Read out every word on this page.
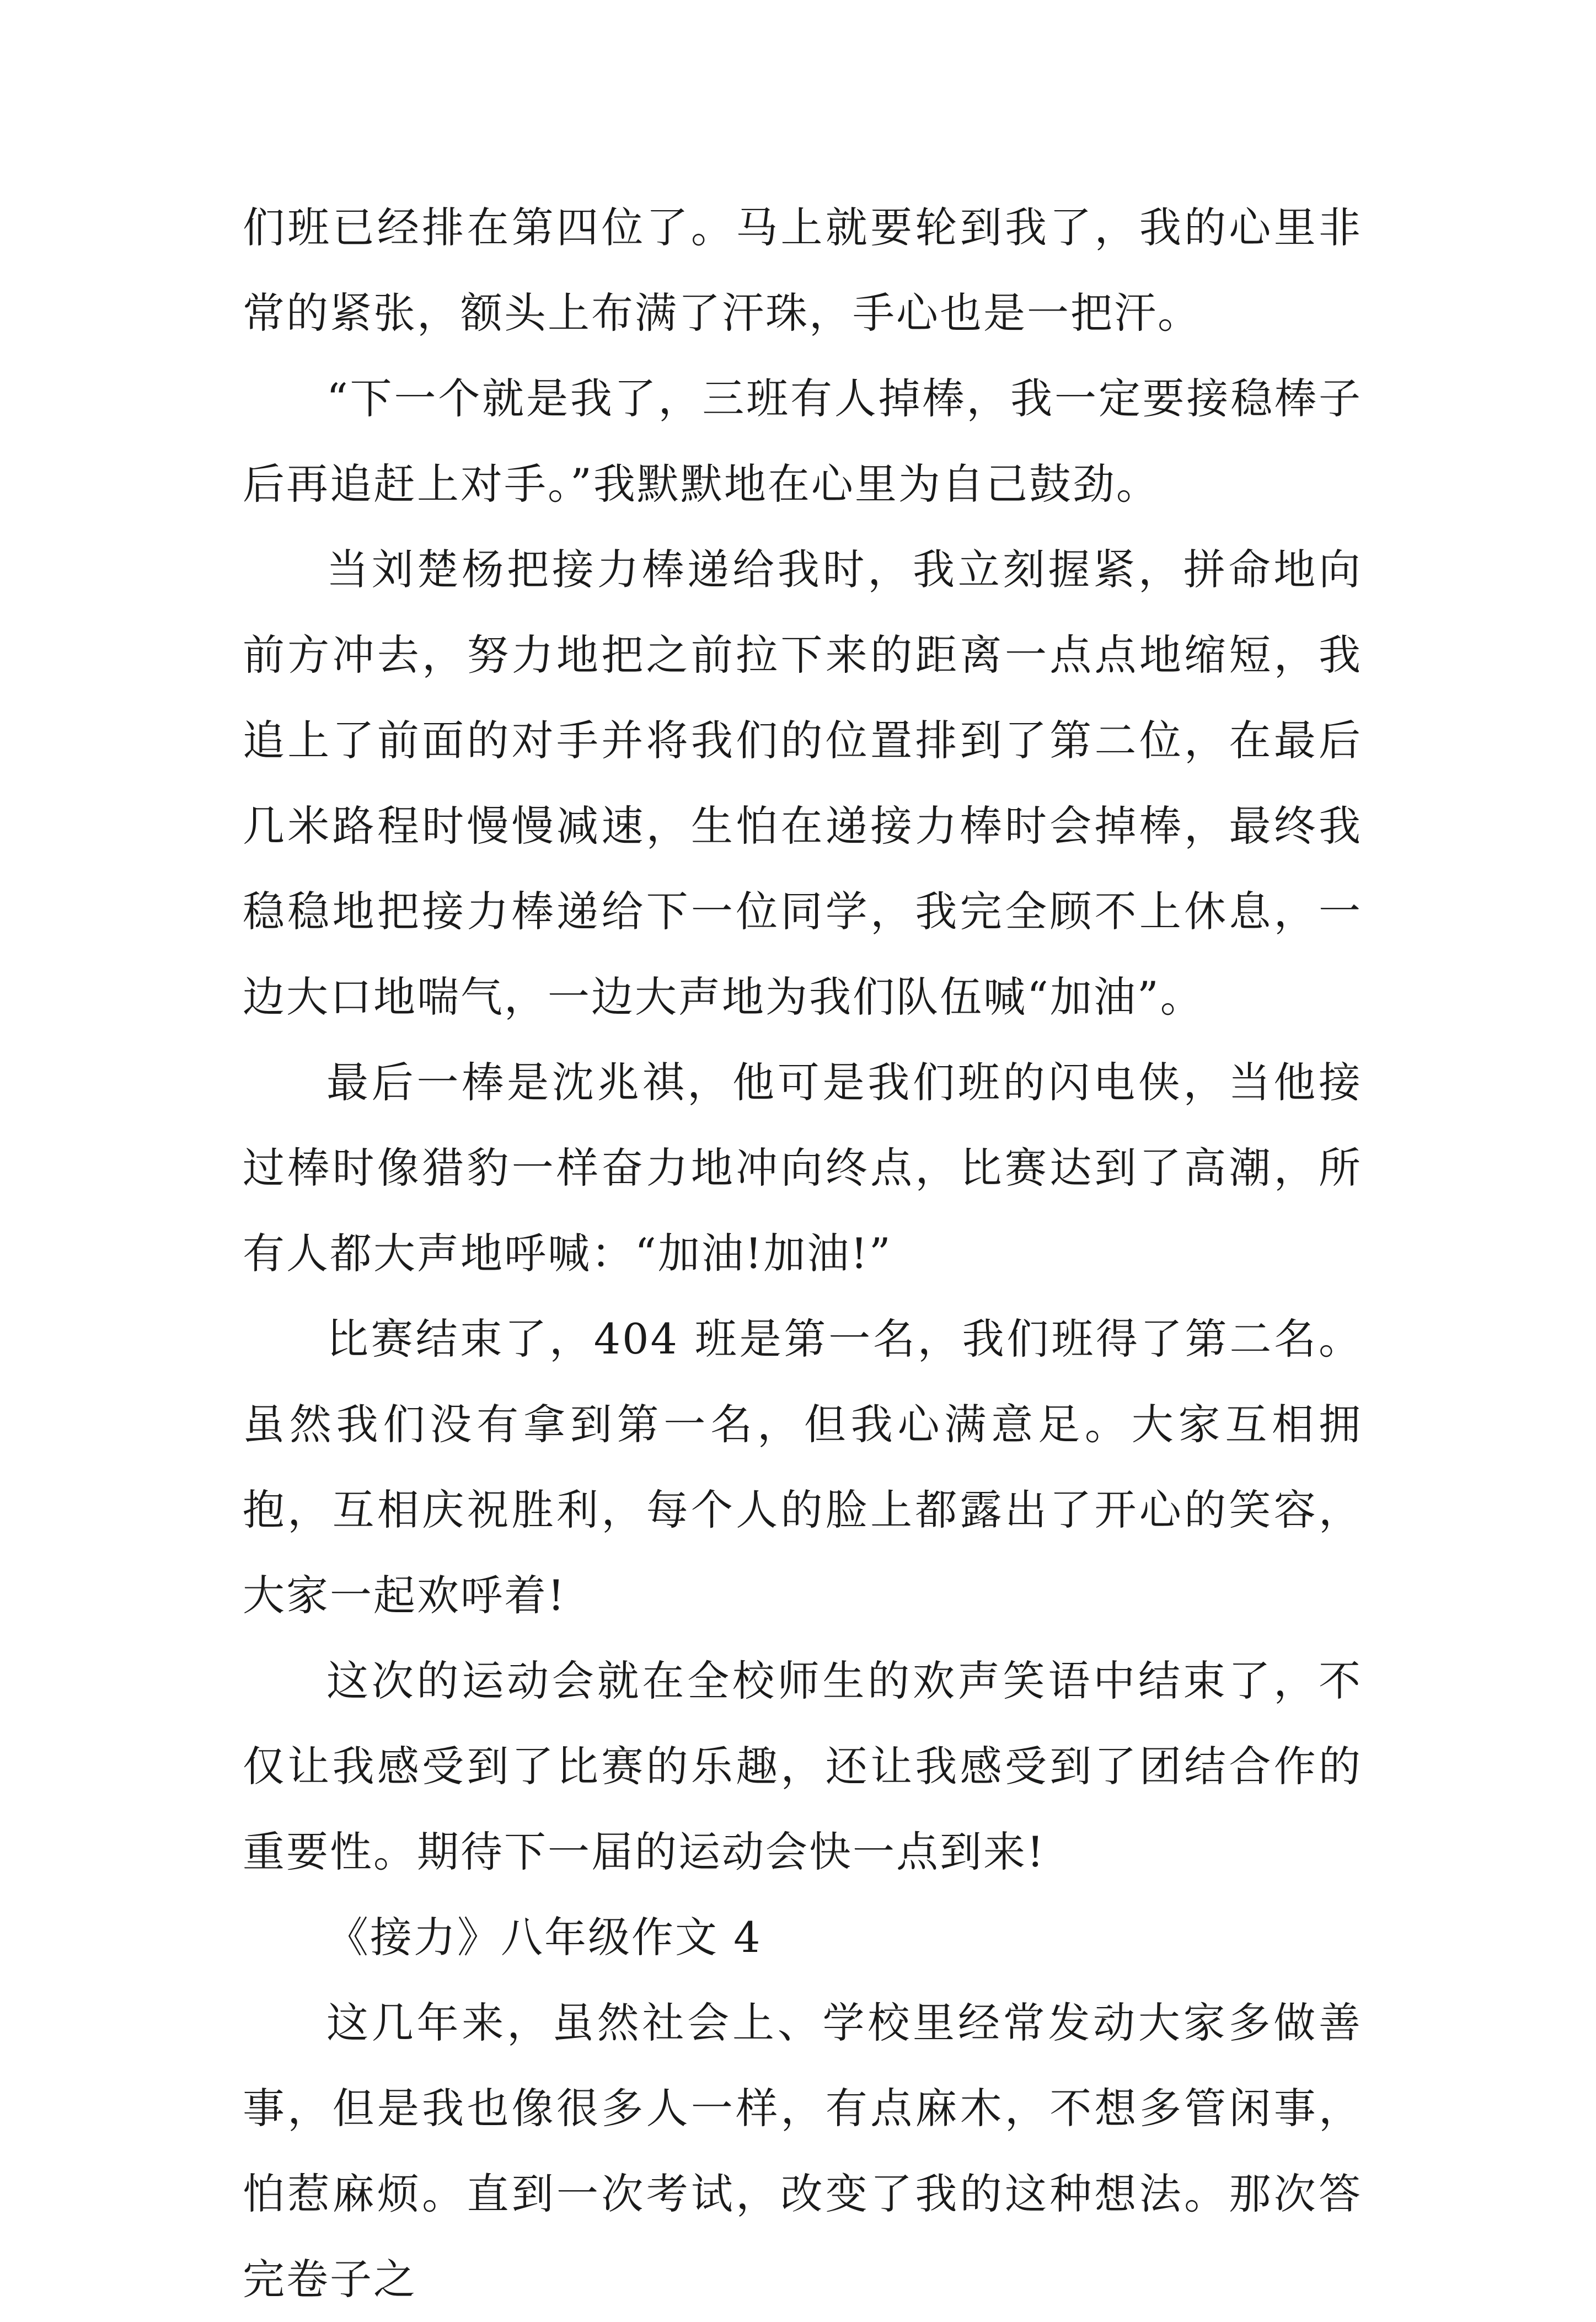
们班已经排在第四位了。马上就要轮到我了，我的心里非常的紧张，额头上布满了汗珠，手心也是一把汗。

“下一个就是我了，三班有人掉棒，我一定要接稳棒子后再追赶上对手。”我默默地在心里为自己鼓劲。

当刘楚杨把接力棒递给我时，我立刻握紧，拼命地向前方冲去，努力地把之前拉下来的距离一点点地缩短，我追上了前面的对手并将我们的位置排到了第二位，在最后几米路程时慢慢减速，生怕在递接力棒时会掉棒，最终我稳稳地把接力棒递给下一位同学，我完全顾不上休息，一边大口地喘气，一边大声地为我们队伍喊“加油”。

最后一棒是沈兆祺，他可是我们班的闪电侠，当他接过棒时像猎豹一样奋力地冲向终点，比赛达到了高潮，所有人都大声地呼喊：“加油!加油!”

比赛结束了，404 班是第一名，我们班得了第二名。虽然我们没有拿到第一名，但我心满意足。大家互相拥抱，互相庆祝胜利，每个人的脸上都露出了开心的笑容，大家一起欢呼着!

这次的运动会就在全校师生的欢声笑语中结束了，不仅让我感受到了比赛的乐趣，还让我感受到了团结合作的重要性。期待下一届的运动会快一点到来!

《接力》八年级作文 4

这几年来，虽然社会上、学校里经常发动大家多做善事，但是我也像很多人一样，有点麻木，不想多管闲事，怕惹麻烦。直到一次考试，改变了我的这种想法。那次答完卷子之
